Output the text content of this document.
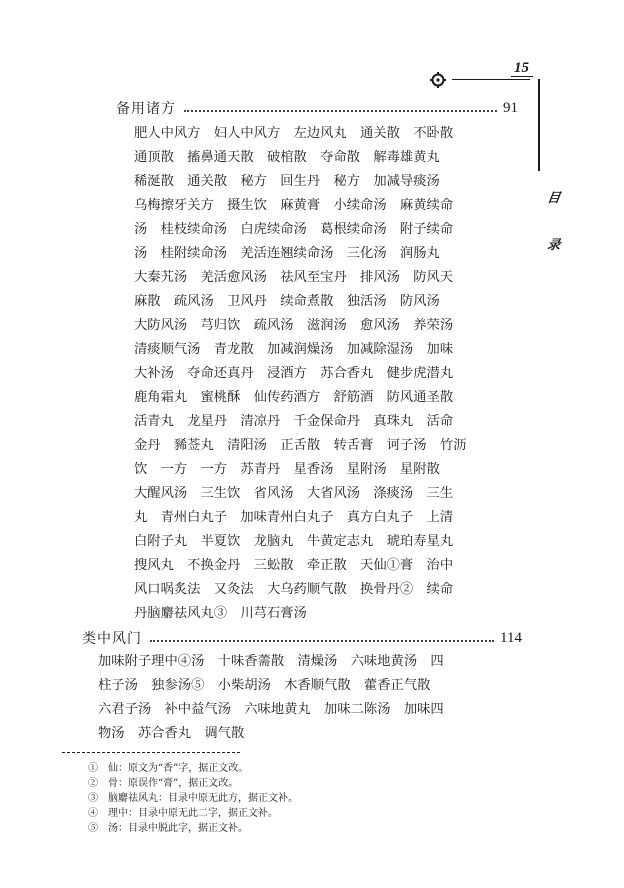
15
目
录
备用诸方	91
肥人中风方　妇人中风方　左边风丸　通关散　不卧散
通顶散　搐鼻通天散　破棺散　夺命散　解毒雄黄丸
稀涎散　通关散　秘方　回生丹　秘方　加减导痰汤
乌梅擦牙关方　摄生饮　麻黄膏　小续命汤　麻黄续命
汤　桂枝续命汤　白虎续命汤　葛根续命汤　附子续命
汤　桂附续命汤　羌活连翘续命汤　三化汤　润肠丸
大秦艽汤　羌活愈风汤　祛风至宝丹　排风汤　防风天
麻散　疏风汤　卫风丹　续命煮散　独活汤　防风汤
大防风汤　芎归饮　疏风汤　滋润汤　愈风汤　养荣汤
清痰顺气汤　青龙散　加减润燥汤　加减除湿汤　加味
大补汤　夺命还真丹　浸酒方　苏合香丸　健步虎潜丸
鹿角霜丸　蜜桃酥　仙传药酒方　舒筋酒　防风通圣散
活青丸　龙星丹　清凉丹　千金保命丹　真珠丸　活命
金丹　豨莶丸　清阳汤　正舌散　转舌膏　诃子汤　竹沥
饮　一方　一方　苏青丹　星香汤　星附汤　星附散
大醒风汤　三生饮　省风汤　大省风汤　涤痰汤　三生
丸　青州白丸子　加味青州白丸子　真方白丸子　上清
白附子丸　半夏饮　龙脑丸　牛黄定志丸　琥珀寿星丸
搜风丸　不换金丹　三蚣散　牵正散　天仙①膏　治中
风口㖞炙法　又灸法　大乌药顺气散　换骨丹②　续命
丹脑麝祛风丸③　川芎石膏汤
类中风门	114
加味附子理中④汤　十味香薷散　清燥汤　六味地黄汤　四
柱子汤　独参汤⑤　小柴胡汤　木香顺气散　藿香正气散
六君子汤　补中益气汤　六味地黄丸　加味二陈汤　加味四
物汤　苏合香丸　调气散
①　仙：原文为“香”字，据正文改。
②　骨：原误作“膏”，据正文改。
③　脑麝祛风丸：目录中原无此方，据正文补。
④　理中：目录中原无此二字，据正文补。
⑤　汤：目录中脱此字，据正文补。
